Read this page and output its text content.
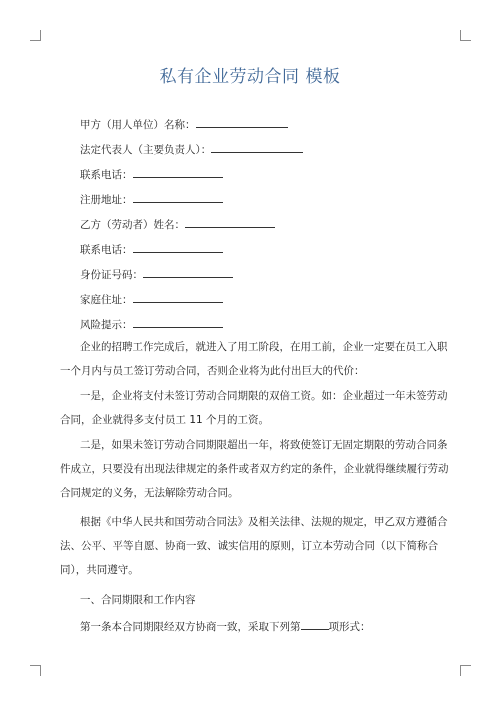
私有企业劳动合同 模板
甲方（用人单位）名称：
法定代表人（主要负责人）：
联系电话：
注册地址：
乙方（劳动者）姓名：
联系电话：
身份证号码：
家庭住址：
风险提示：
企业的招聘工作完成后，就进入了用工阶段，在用工前，企业一定要在员工入职
一个月内与员工签订劳动合同，否则企业将为此付出巨大的代价：
一是，企业将支付未签订劳动合同期限的双倍工资。如：企业超过一年未签劳动
合同，企业就得多支付员工 11 个月的工资。
二是，如果未签订劳动合同期限超出一年，将致使签订无固定期限的劳动合同条
件成立，只要没有出现法律规定的条件或者双方约定的条件，企业就得继续履行劳动
合同规定的义务，无法解除劳动合同。
根据《中华人民共和国劳动合同法》及相关法律、法规的规定，甲乙双方遵循合
法、公平、平等自愿、协商一致、诚实信用的原则，订立本劳动合同（以下简称合
同），共同遵守。
一、合同期限和工作内容
第一条本合同期限经双方协商一致，采取下列第	项形式：
